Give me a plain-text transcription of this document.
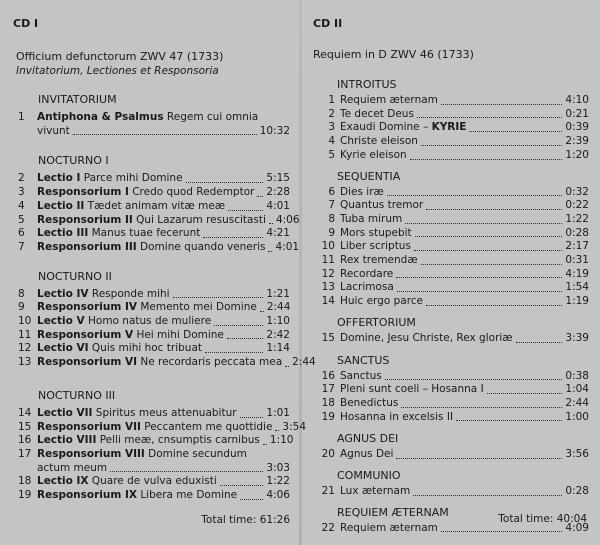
CD I
Officium defunctorum ZWV 47 (1733)
Invitatorium, Lectiones et Responsoria
INVITATORIUM
1	Antiphona & Psalmus Regem cui omnia
vivunt	10:32
NOCTURNO I
2	Lectio I Parce mihi Domine	5:15
3	Responsorium I Credo quod Redemptor 2:28
4	Lectio II Tædet animam vitæ meæ	4:01
5	Responsorium II Qui Lazarum resuscitasti 4:06
6	Lectio III Manus tuae fecerunt	4:21
7	Responsorium III Domine quando veneris 4:01
NOCTURNO II
8	Lectio IV Responde mihi	1:21
9	Responsorium IV Memento mei Domine 2:44
10 Lectio V Homo natus de muliere	1:10
11 Responsorium V Hei mihi Domine	2:42
12 Lectio VI Quis mihi hoc tribuat	1:14
13 Responsorium VI Ne recordaris peccata mea 2:44
NOCTURNO III
14 Lectio VII Spiritus meus attenuabitur	1:01
15 Responsorium VII Peccantem me quottidie 3:54
16 Lectio VIII Pelli meæ, cnsumptis carnibus 1:10
17 Responsorium VIII Domine secundum
actum meum	3:03
18 Lectio IX Quare de vulva eduxisti	1:22
19 Responsorium IX Libera me Domine	4:06
Total time: 61:26
CD II
Requiem in D ZWV 46 (1733)
INTROITUS
1 Requiem æternam	4:10
2 Te decet Deus	0:21
3 Exaudi Domine – KYRIE	0:39
4 Christe eleison	2:39
5 Kyrie eleison	1:20
SEQUENTIA
6 Dies iræ	0:32
7 Quantus tremor	0:22
8 Tuba mirum	1:22
9 Mors stupebit	0:28
10 Liber scriptus	2:17
11 Rex tremendæ	0:31
12 Recordare	4:19
13 Lacrimosa	1:54
14 Huic ergo parce	1:19
OFFERTORIUM
15 Domine, Jesu Christe, Rex gloriæ	3:39
SANCTUS
16 Sanctus	0:38
17 Pleni sunt coeli – Hosanna I	1:04
18 Benedictus	2:44
19 Hosanna in excelsis II	1:00
AGNUS DEI
20 Agnus Dei	3:56
COMMUNIO
21 Lux æternam	0:28
REQUIEM ÆTERNAM
22 Requiem æternam	4:09
Total time: 40:04
